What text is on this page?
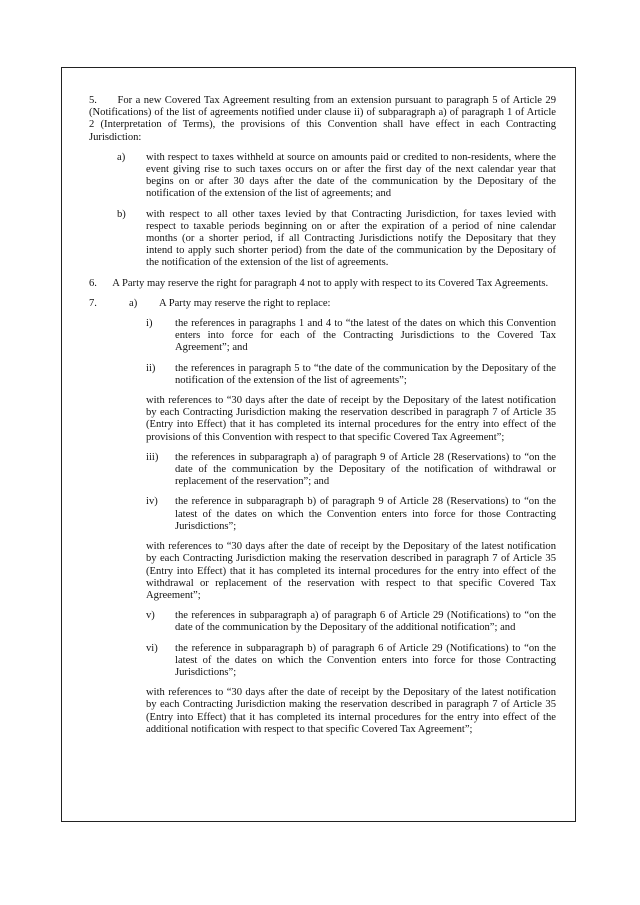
5.      For a new Covered Tax Agreement resulting from an extension pursuant to paragraph 5 of Article 29 (Notifications) of the list of agreements notified under clause ii) of subparagraph a) of paragraph 1 of Article 2 (Interpretation of Terms), the provisions of this Convention shall have effect in each Contracting Jurisdiction:

a)	with respect to taxes withheld at source on amounts paid or credited to non-residents, where the event giving rise to such taxes occurs on or after the first day of the next calendar year that begins on or after 30 days after the date of the communication by the Depositary of the notification of the extension of the list of agreements; and
b)	with respect to all other taxes levied by that Contracting Jurisdiction, for taxes levied with respect to taxable periods beginning on or after the expiration of a period of nine calendar months (or a shorter period, if all Contracting Jurisdictions notify the Depositary that they intend to apply such shorter period) from the date of the communication by the Depositary of the notification of the extension of the list of agreements.

6.      A Party may reserve the right for paragraph 4 not to apply with respect to its Covered Tax Agreements.

7.	a)	A Party may reserve the right to replace:
i)	the references in paragraphs 1 and 4 to “the latest of the dates on which this Convention enters into force for each of the Contracting Jurisdictions to the Covered Tax Agreement”; and
ii)	the references in paragraph 5 to “the date of the communication by the Depositary of the notification of the extension of the list of agreements”;

with references to “30 days after the date of receipt by the Depositary of the latest notification by each Contracting Jurisdiction making the reservation described in paragraph 7 of Article 35 (Entry into Effect) that it has completed its internal procedures for the entry into effect of the provisions of this Convention with respect to that specific Covered Tax Agreement”;

iii)	the references in subparagraph a) of paragraph 9 of Article 28 (Reservations) to “on the date of the communication by the Depositary of the notification of withdrawal or replacement of the reservation”; and
iv)	the reference in subparagraph b) of paragraph 9 of Article 28 (Reservations) to “on the latest of the dates on which the Convention enters into force for those Contracting Jurisdictions”;

with references to “30 days after the date of receipt by the Depositary of the latest notification by each Contracting Jurisdiction making the reservation described in paragraph 7 of Article 35 (Entry into Effect) that it has completed its internal procedures for the entry into effect of the withdrawal or replacement of the reservation with respect to that specific Covered Tax Agreement”;

v)	the references in subparagraph a) of paragraph 6 of Article 29 (Notifications) to “on the date of the communication by the Depositary of the additional notification”; and
vi)	the reference in subparagraph b) of paragraph 6 of Article 29 (Notifications) to “on the latest of the dates on which the Convention enters into force for those Contracting Jurisdictions”;

with references to “30 days after the date of receipt by the Depositary of the latest notification by each Contracting Jurisdiction making the reservation described in paragraph 7 of Article 35 (Entry into Effect) that it has completed its internal procedures for the entry into effect of the additional notification with respect to that specific Covered Tax Agreement”;
